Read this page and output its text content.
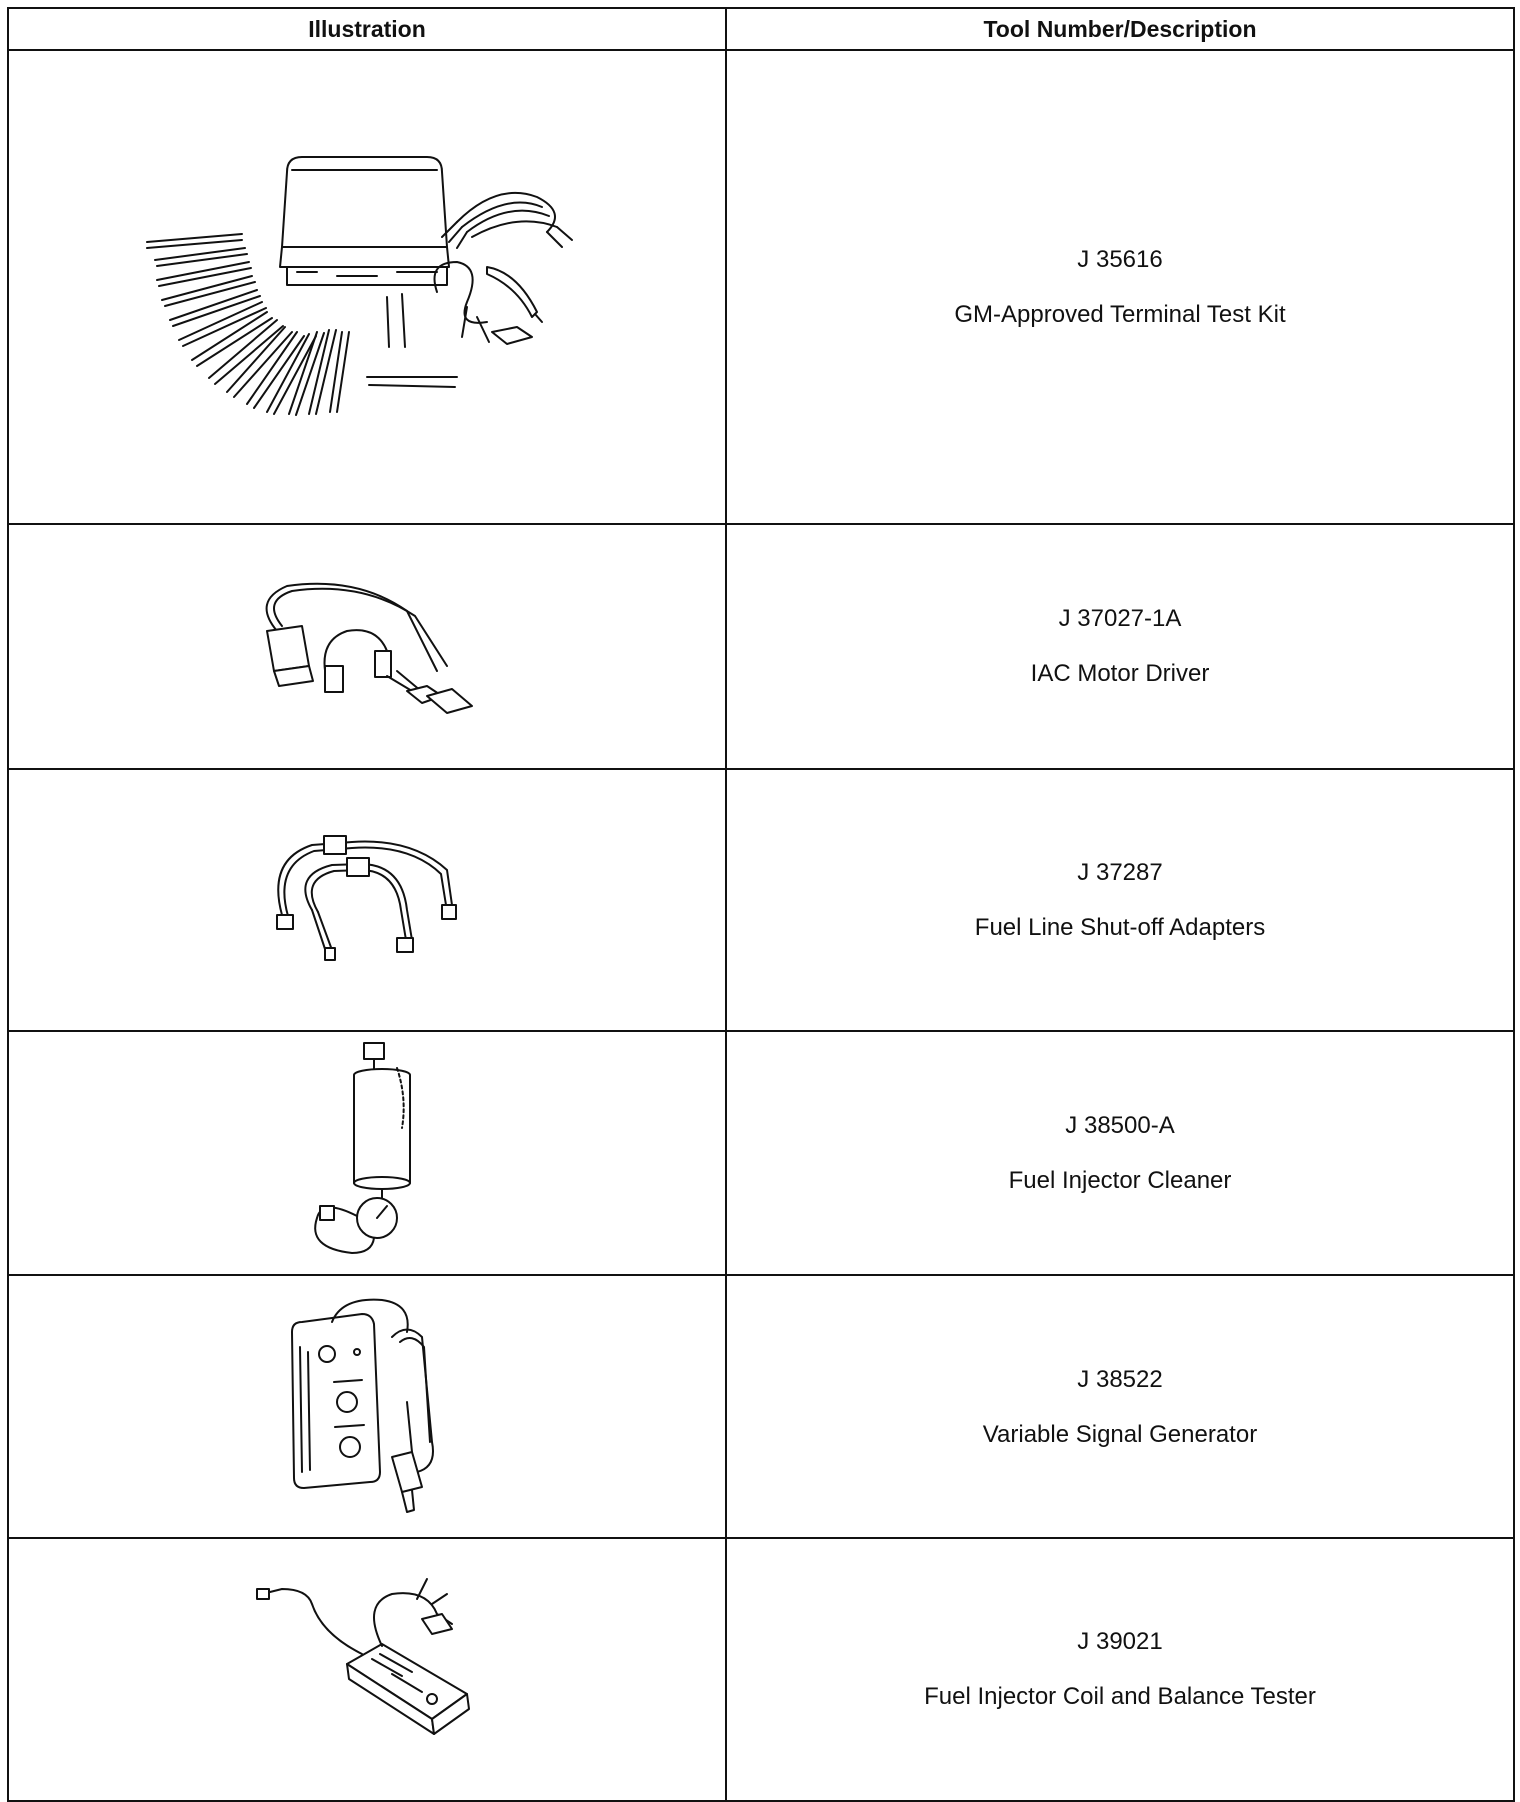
Illustration	Tool Number/Description

J 35616
GM-Approved Terminal Test Kit

J 37027-1A
IAC Motor Driver

J 37287
Fuel Line Shut-off Adapters

J 38500-A
Fuel Injector Cleaner

J 38522
Variable Signal Generator

J 39021
Fuel Injector Coil and Balance Tester
